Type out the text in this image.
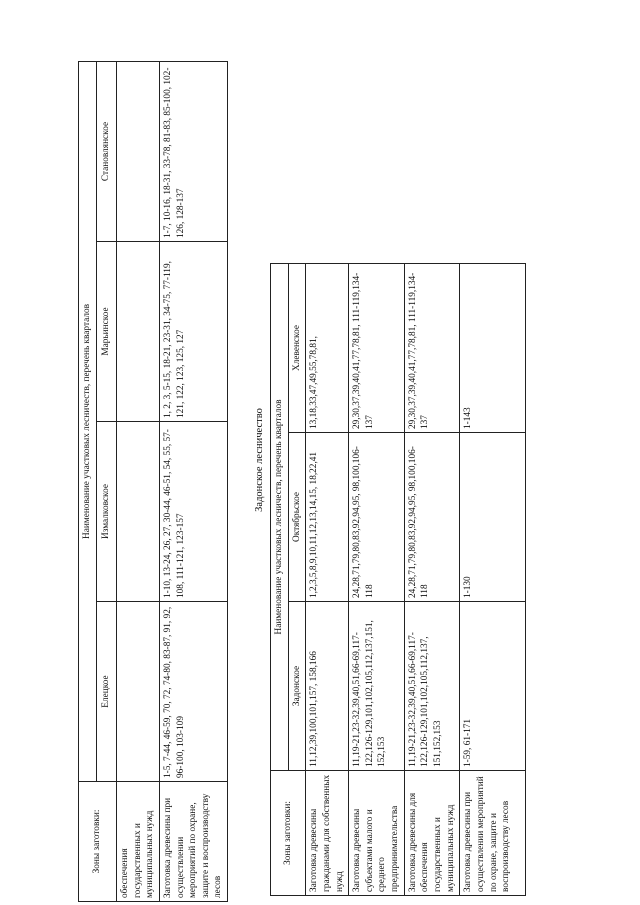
Зоны заготовки:	Наименование участковых лесничеств, перечень кварталов			
	Елецкое	Измалковское	Марьинское	Становлянское
обеспечения государственных и муниципальных нужд				
Заготовка древесины при осуществлении мероприятий по охране, защите и воспроизводству лесов	1-5, 7-44, 46-59, 70, 72, 74-80, 83-87, 91, 92, 96-100, 103-109	1-10, 13-24, 26, 27, 30-44, 46-51, 54, 55, 57-108, 111-121, 123-157	1, 2, 3, 5-15, 18-21, 23-31, 34-75, 77-119, 121, 122, 123, 125, 127	1-7, 10-16, 18-31, 33-78, 81-83, 85-100, 102-126, 128-137
Задонское лесничество
Зоны заготовки:	Наименование участковых лесничеств, перечень кварталов		
	Задонское	Октябрьское	Хлевенское
Заготовка древесины гражданами для собственных нужд	11,12,39,100,101,157, 158,166	1,2,3,5,8,9,10,11,12,13,14,15, 18,22,41	13,18,33,47,49,55,78,81,
Заготовка древесины субъектами малого и среднего предпринимательства	11,19-21,23-32,39,40,51,66-69,117-122,126-129,101,102,105,112,137,151, 152,153	24,28,71,79,80,83,92,94,95, 98,100,106-118	29,30,37,39,40,41,77,78,81, 111-119,134-137
Заготовка древесины для обеспечения государственных и муниципальных нужд	11,19-21,23-32,39,40,51,66-69,117-122,126-129,101,102,105,112,137, 151,152,153	24,28,71,79,80,83,92,94,95, 98,100,106-118	29,30,37,39,40,41,77,78,81, 111-119,134-137
Заготовка древесины при осуществлении мероприятий по охране, защите и воспроизводству лесов	1-59, 61-171	1-130	1-143
